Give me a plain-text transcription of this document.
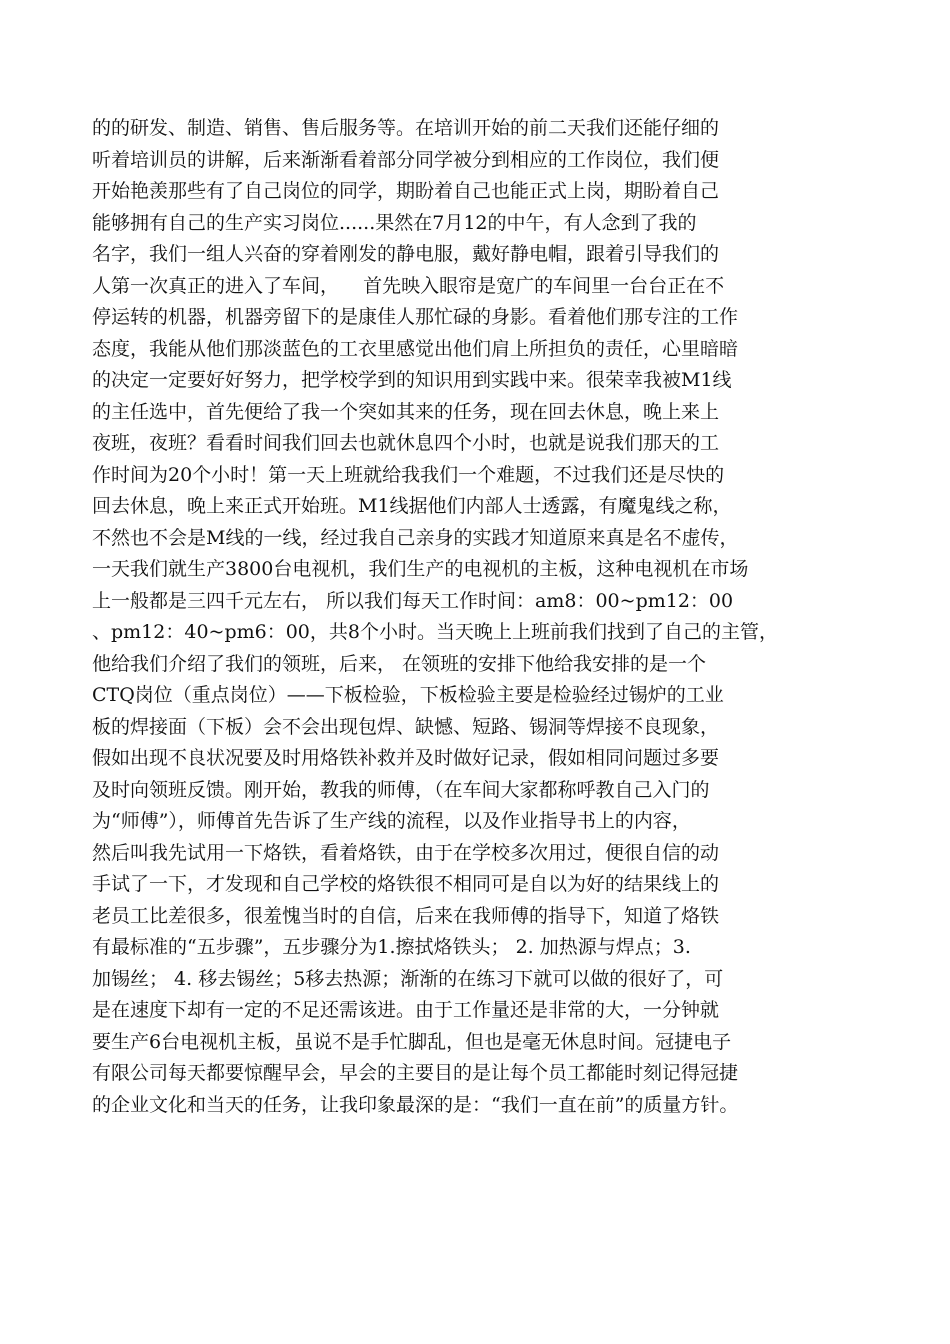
的的研发、制造、销售、售后服务等。在培训开始的前二天我们还能仔细的
听着培训员的讲解，后来渐渐看着部分同学被分到相应的工作岗位，我们便
开始艳羡那些有了自己岗位的同学，期盼着自己也能正式上岗，期盼着自己
能够拥有自己的生产实习岗位......果然在7月12的中午，有人念到了我的
名字，我们一组人兴奋的穿着刚发的静电服，戴好静电帽，跟着引导我们的
人第一次真正的进入了车间，    首先映入眼帘是宽广的车间里一台台正在不
停运转的机器，机器旁留下的是康佳人那忙碌的身影。看着他们那专注的工作
态度，我能从他们那淡蓝色的工衣里感觉出他们肩上所担负的责任，心里暗暗
的决定一定要好好努力，把学校学到的知识用到实践中来。很荣幸我被M1线
的主任选中，首先便给了我一个突如其来的任务，现在回去休息，晚上来上
夜班，夜班？看看时间我们回去也就休息四个小时，也就是说我们那天的工
作时间为20个小时！第一天上班就给我我们一个难题，不过我们还是尽快的
回去休息，晚上来正式开始班。M1线据他们内部人士透露，有魔鬼线之称，
不然也不会是M线的一线，经过我自己亲身的实践才知道原来真是名不虚传，
一天我们就生产3800台电视机，我们生产的电视机的主板，这种电视机在市场
上一般都是三四千元左右， 所以我们每天工作时间：am8：00~pm12：00
、pm12：40~pm6：00，共8个小时。当天晚上上班前我们找到了自己的主管，
他给我们介绍了我们的领班，后来， 在领班的安排下他给我安排的是一个
CTQ岗位（重点岗位）——下板检验，下板检验主要是检验经过锡炉的工业
板的焊接面（下板）会不会出现包焊、缺憾、短路、锡洞等焊接不良现象，
假如出现不良状况要及时用烙铁补救并及时做好记录，假如相同问题过多要
及时向领班反馈。刚开始，教我的师傅，（在车间大家都称呼教自己入门的
为“师傅”），师傅首先告诉了生产线的流程，以及作业指导书上的内容，
然后叫我先试用一下烙铁，看着烙铁，由于在学校多次用过，便很自信的动
手试了一下，才发现和自己学校的烙铁很不相同可是自以为好的结果线上的
老员工比差很多，很羞愧当时的自信，后来在我师傅的指导下，知道了烙铁
有最标准的“五步骤”，五步骤分为1.擦拭烙铁头； 2. 加热源与焊点；3.
加锡丝； 4. 移去锡丝；5移去热源；渐渐的在练习下就可以做的很好了，可
是在速度下却有一定的不足还需该进。由于工作量还是非常的大，一分钟就
要生产6台电视机主板，虽说不是手忙脚乱，但也是毫无休息时间。冠捷电子
有限公司每天都要惊醒早会，早会的主要目的是让每个员工都能时刻记得冠捷
的企业文化和当天的任务，让我印象最深的是：“我们一直在前”的质量方针。
